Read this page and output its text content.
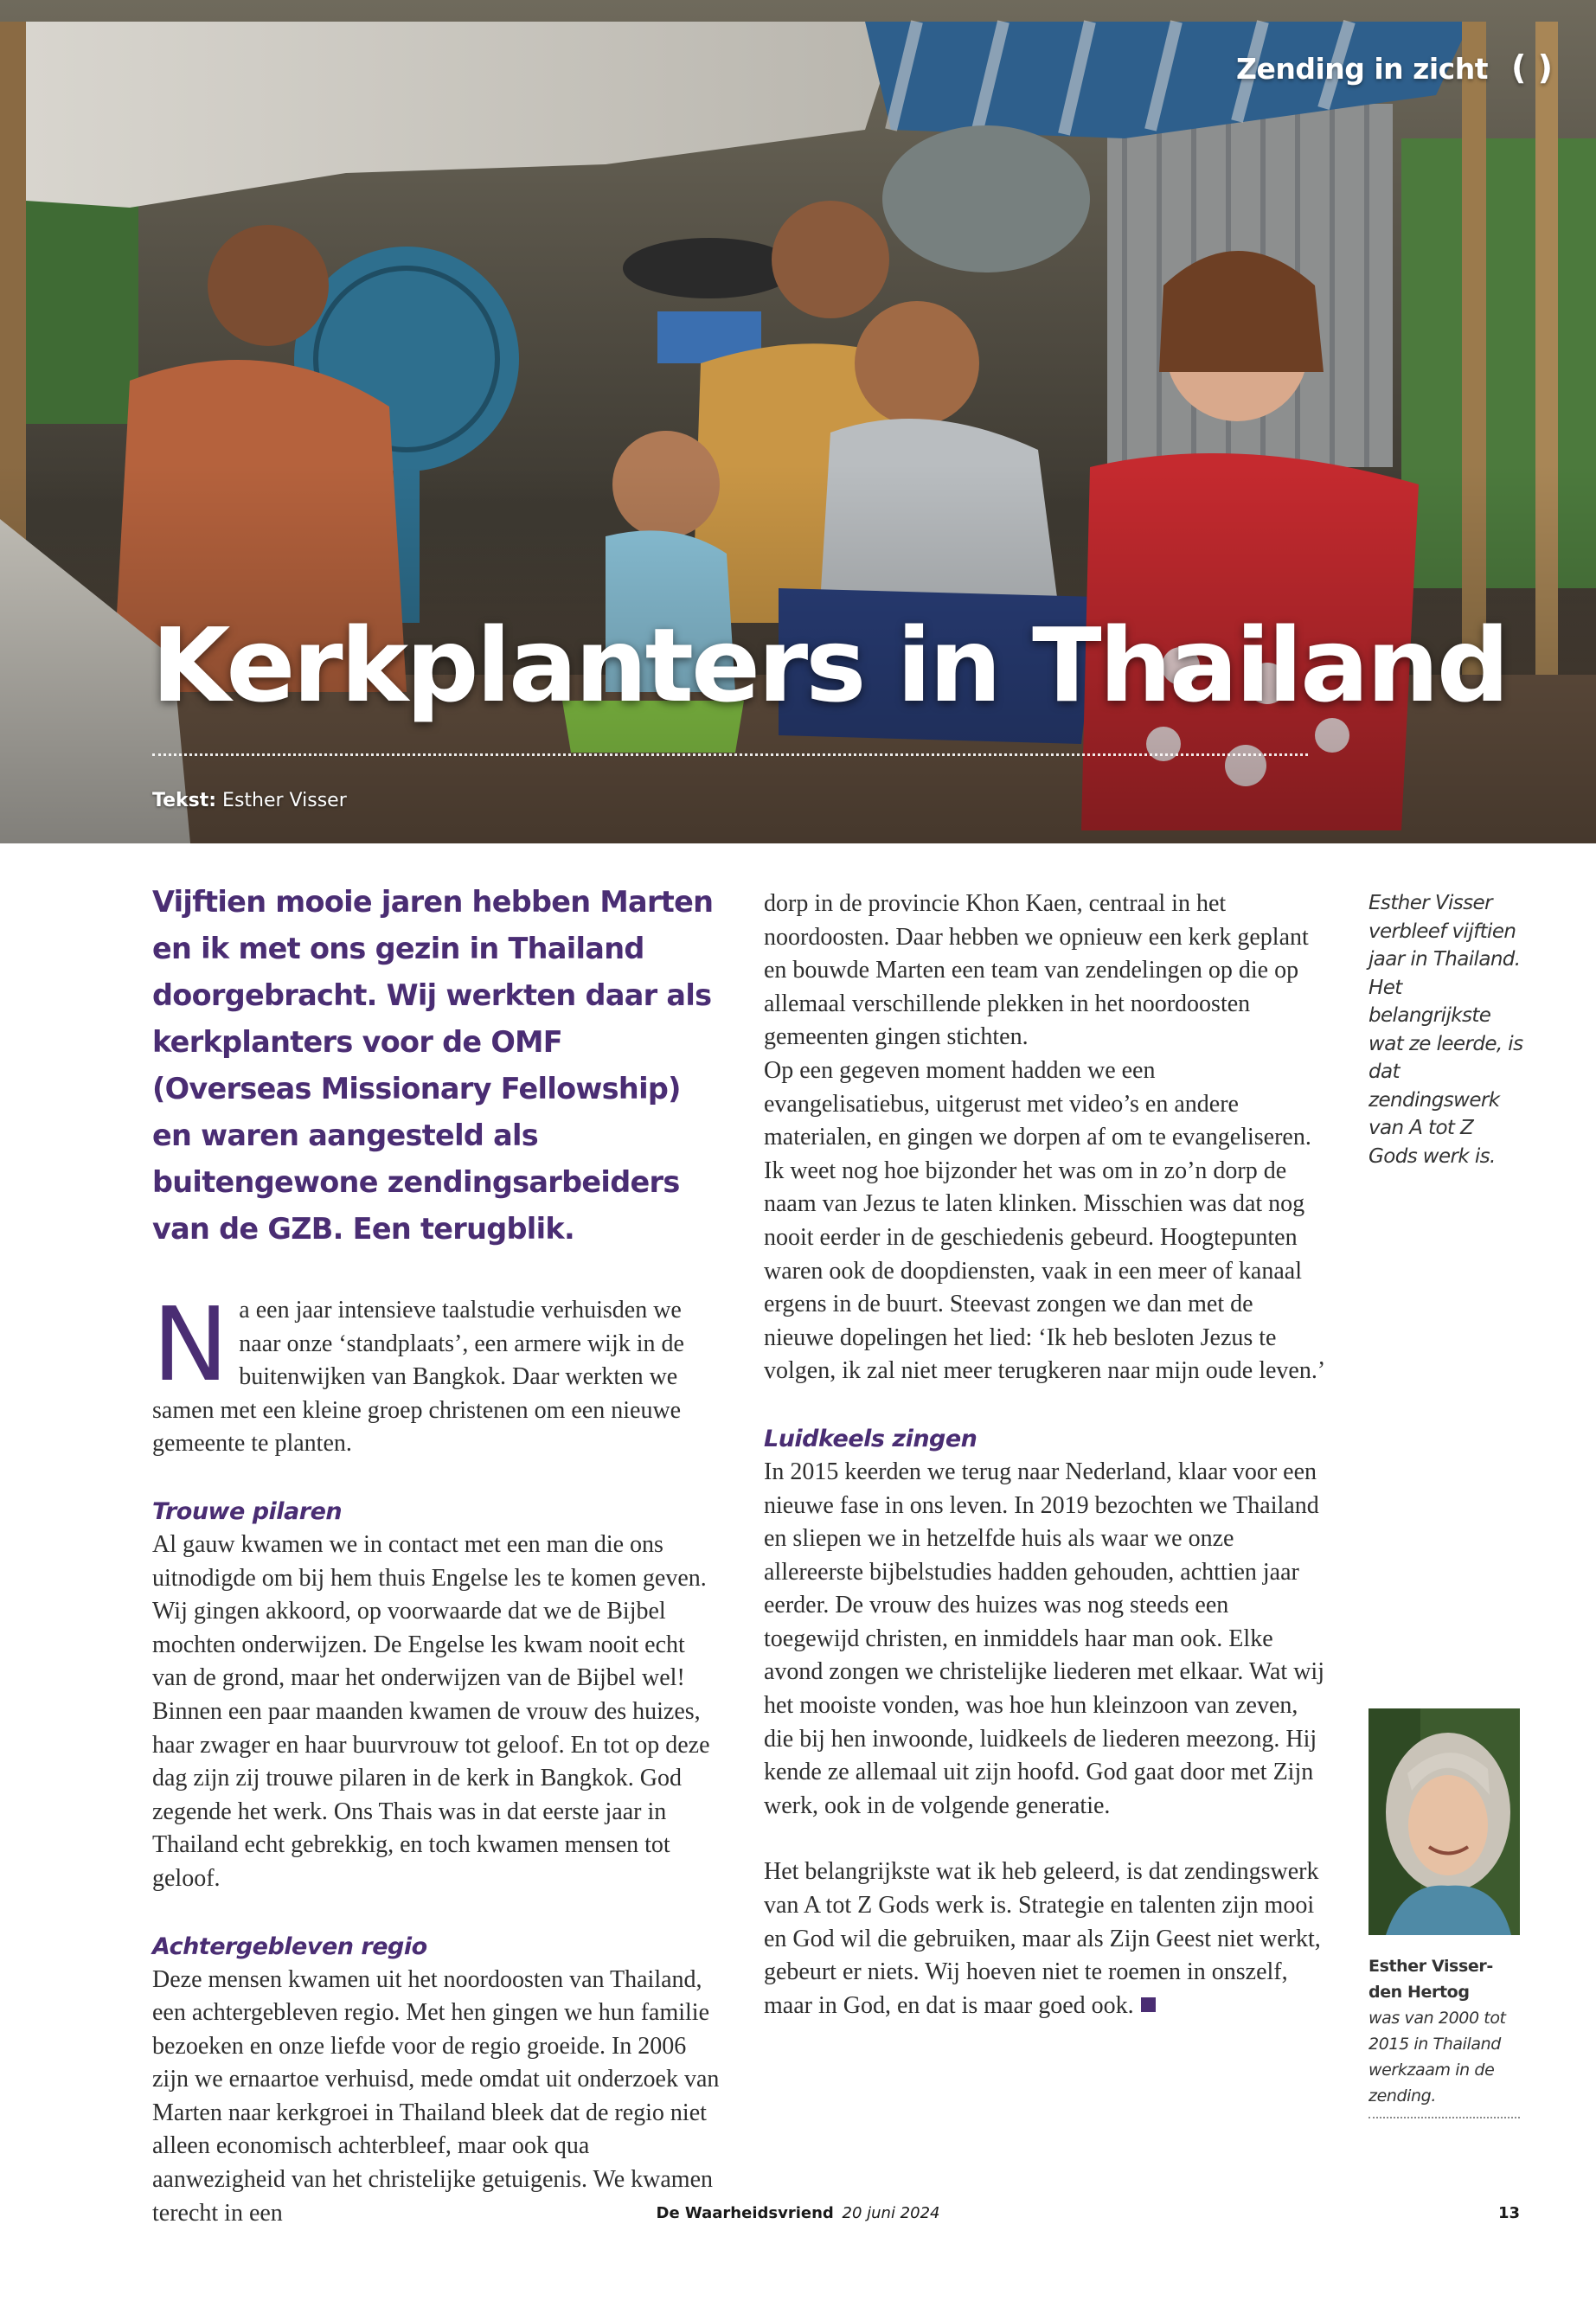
Zending in zicht ( )
Kerkplanters in Thailand
Tekst: Esther Visser

Vijftien mooie jaren hebben Marten en ik met ons gezin in Thailand doorgebracht. Wij werkten daar als kerkplanters voor de OMF (Overseas Missionary Fellowship) en waren aangesteld als buitengewone zendingsarbeiders van de GZB. Een terugblik.

Na een jaar intensieve taalstudie verhuisden we naar onze ‘standplaats’, een armere wijk in de buitenwijken van Bangkok. Daar werkten we samen met een kleine groep christenen om een nieuwe gemeente te planten.

Trouwe pilaren

Al gauw kwamen we in contact met een man die ons uitnodigde om bij hem thuis Engelse les te komen geven. Wij gingen akkoord, op voorwaarde dat we de Bijbel mochten onderwijzen. De Engelse les kwam nooit echt van de grond, maar het onderwijzen van de Bijbel wel! Binnen een paar maanden kwamen de vrouw des huizes, haar zwager en haar buurvrouw tot geloof. En tot op deze dag zijn zij trouwe pilaren in de kerk in Bangkok. God zegende het werk. Ons Thais was in dat eerste jaar in Thailand echt gebrekkig, en toch kwamen mensen tot geloof.

Achtergebleven regio

Deze mensen kwamen uit het noordoosten van Thailand, een achtergebleven regio. Met hen gingen we hun familie bezoeken en onze liefde voor de regio groeide. In 2006 zijn we ernaartoe verhuisd, mede omdat uit onderzoek van Marten naar kerkgroei in Thailand bleek dat de regio niet alleen economisch achterbleef, maar ook qua aanwezigheid van het christelijke getuigenis. We kwamen terecht in een

dorp in de provincie Khon Kaen, centraal in het noordoosten. Daar hebben we opnieuw een kerk geplant en bouwde Marten een team van zendelingen op die op allemaal verschillende plekken in het noordoosten gemeenten gingen stichten.

Op een gegeven moment hadden we een evangelisatiebus, uitgerust met video’s en andere materialen, en gingen we dorpen af om te evangeliseren. Ik weet nog hoe bijzonder het was om in zo’n dorp de naam van Jezus te laten klinken. Misschien was dat nog nooit eerder in de geschiedenis gebeurd. Hoogtepunten waren ook de doopdiensten, vaak in een meer of kanaal ergens in de buurt. Steevast zongen we dan met de nieuwe dopelingen het lied: ‘Ik heb besloten Jezus te volgen, ik zal niet meer terugkeren naar mijn oude leven.’

Luidkeels zingen

In 2015 keerden we terug naar Nederland, klaar voor een nieuwe fase in ons leven. In 2019 bezochten we Thailand en sliepen we in hetzelfde huis als waar we onze allereerste bijbelstudies hadden gehouden, achttien jaar eerder. De vrouw des huizes was nog steeds een toegewijd christen, en inmiddels haar man ook. Elke avond zongen we christelijke liederen met elkaar. Wat wij het mooiste vonden, was hoe hun kleinzoon van zeven, die bij hen inwoonde, luidkeels de liederen meezong. Hij kende ze allemaal uit zijn hoofd. God gaat door met Zijn werk, ook in de volgende generatie.

Het belangrijkste wat ik heb geleerd, is dat zendingswerk van A tot Z Gods werk is. Strategie en talenten zijn mooi en God wil die gebruiken, maar als Zijn Geest niet werkt, gebeurt er niets. Wij hoeven niet te roemen in onszelf, maar in God, en dat is maar goed ook.

Esther Visser verbleef vijftien jaar in Thailand. Het belangrijkste wat ze leerde, is dat zendingswerk van A tot Z Gods werk is.

Esther Visser-den Hertog
was van 2000 tot 2015 in Thailand werkzaam in de zending.
De Waarheidsvriend 20 juni 2024	13
